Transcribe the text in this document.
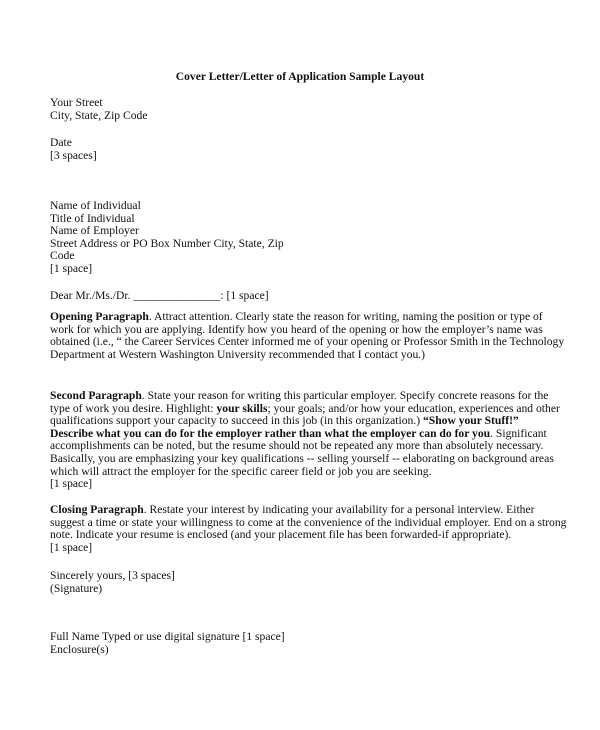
Cover Letter/Letter of Application Sample Layout
Your Street
City, State, Zip Code
Date
[3 spaces]
Name of Individual
Title of Individual
Name of Employer
Street Address or PO Box Number City, State, Zip
Code
[1 space]
Dear Mr./Ms./Dr. _______________: [1 space]
Opening Paragraph. Attract attention. Clearly state the reason for writing, naming the position or type of
work for which you are applying. Identify how you heard of the opening or how the employer’s name was
obtained (i.e., “ the Career Services Center informed me of your opening or Professor Smith in the Technology
Department at Western Washington University recommended that I contact you.)
Second Paragraph. State your reason for writing this particular employer. Specify concrete reasons for the
type of work you desire. Highlight: your skills; your goals; and/or how your education, experiences and other
qualifications support your capacity to succeed in this job (in this organization.) “Show your Stuff!”
Describe what you can do for the employer rather than what the employer can do for you. Significant
accomplishments can be noted, but the resume should not be repeated any more than absolutely necessary.
Basically, you are emphasizing your key qualifications -- selling yourself -- elaborating on background areas
which will attract the employer for the specific career field or job you are seeking.
[1 space]
Closing Paragraph. Restate your interest by indicating your availability for a personal interview. Either
suggest a time or state your willingness to come at the convenience of the individual employer. End on a strong
note. Indicate your resume is enclosed (and your placement file has been forwarded-if appropriate).
[1 space]
Sincerely yours, [3 spaces]
(Signature)
Full Name Typed or use digital signature [1 space]
Enclosure(s)
